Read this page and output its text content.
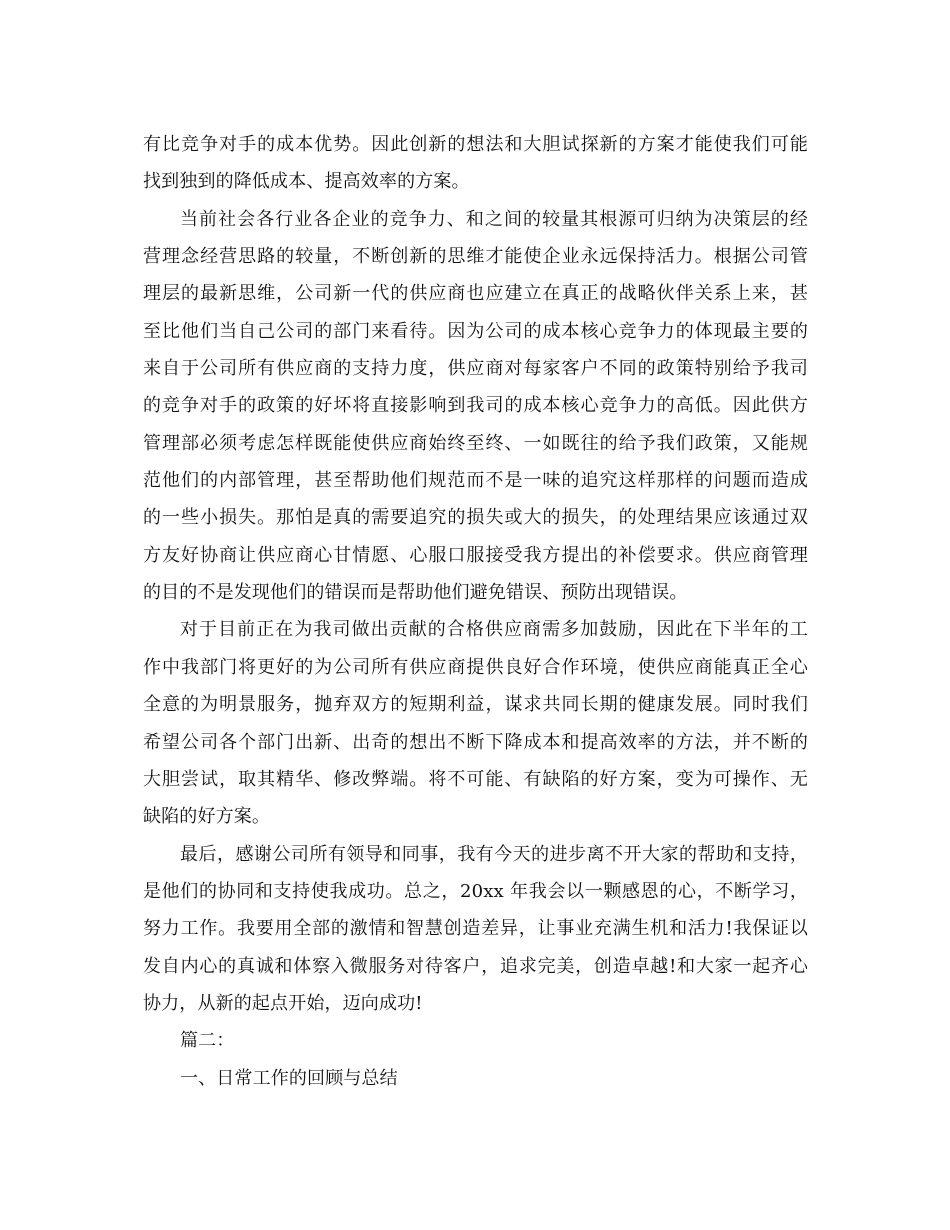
有比竞争对手的成本优势。因此创新的想法和大胆试探新的方案才能使我们可能
找到独到的降低成本、提高效率的方案。
当前社会各行业各企业的竞争力、和之间的较量其根源可归纳为决策层的经
营理念经营思路的较量，不断创新的思维才能使企业永远保持活力。根据公司管
理层的最新思维，公司新一代的供应商也应建立在真正的战略伙伴关系上来，甚
至比他们当自己公司的部门来看待。因为公司的成本核心竞争力的体现最主要的
来自于公司所有供应商的支持力度，供应商对每家客户不同的政策特别给予我司
的竞争对手的政策的好坏将直接影响到我司的成本核心竞争力的高低。因此供方
管理部必须考虑怎样既能使供应商始终至终、一如既往的给予我们政策，又能规
范他们的内部管理，甚至帮助他们规范而不是一味的追究这样那样的问题而造成
的一些小损失。那怕是真的需要追究的损失或大的损失，的处理结果应该通过双
方友好协商让供应商心甘情愿、心服口服接受我方提出的补偿要求。供应商管理
的目的不是发现他们的错误而是帮助他们避免错误、预防出现错误。
对于目前正在为我司做出贡献的合格供应商需多加鼓励，因此在下半年的工
作中我部门将更好的为公司所有供应商提供良好合作环境，使供应商能真正全心
全意的为明景服务，抛弃双方的短期利益，谋求共同长期的健康发展。同时我们
希望公司各个部门出新、出奇的想出不断下降成本和提高效率的方法，并不断的
大胆尝试，取其精华、修改弊端。将不可能、有缺陷的好方案，变为可操作、无
缺陷的好方案。
最后，感谢公司所有领导和同事，我有今天的进步离不开大家的帮助和支持，
是他们的协同和支持使我成功。总之，20xx 年我会以一颗感恩的心，不断学习，
努力工作。我要用全部的激情和智慧创造差异，让事业充满生机和活力!我保证以
发自内心的真诚和体察入微服务对待客户，追求完美，创造卓越!和大家一起齐心
协力，从新的起点开始，迈向成功!
篇二：
一、日常工作的回顾与总结
